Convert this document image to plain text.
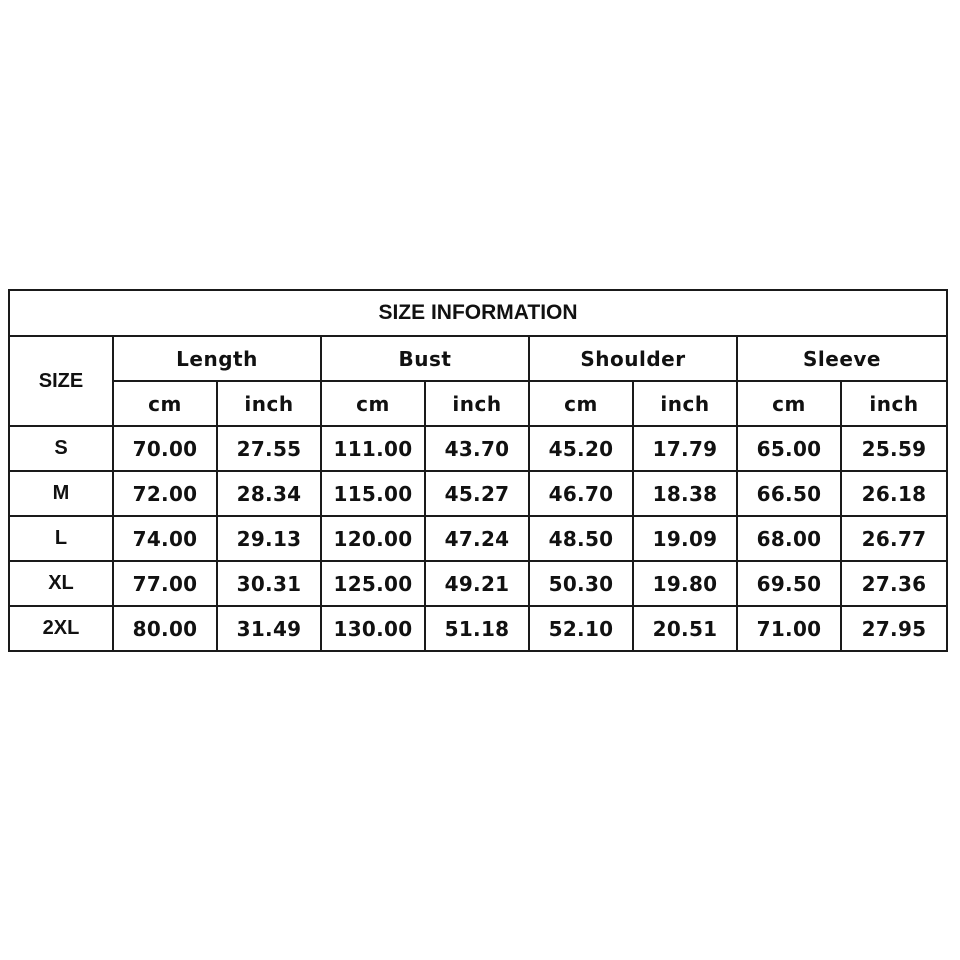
SIZE INFORMATION								
SIZE	Length		Bust		Shoulder		Sleeve	
	cm	inch	cm	inch	cm	inch	cm	inch
S	70.00	27.55	111.00	43.70	45.20	17.79	65.00	25.59
M	72.00	28.34	115.00	45.27	46.70	18.38	66.50	26.18
L	74.00	29.13	120.00	47.24	48.50	19.09	68.00	26.77
XL	77.00	30.31	125.00	49.21	50.30	19.80	69.50	27.36
2XL	80.00	31.49	130.00	51.18	52.10	20.51	71.00	27.95
